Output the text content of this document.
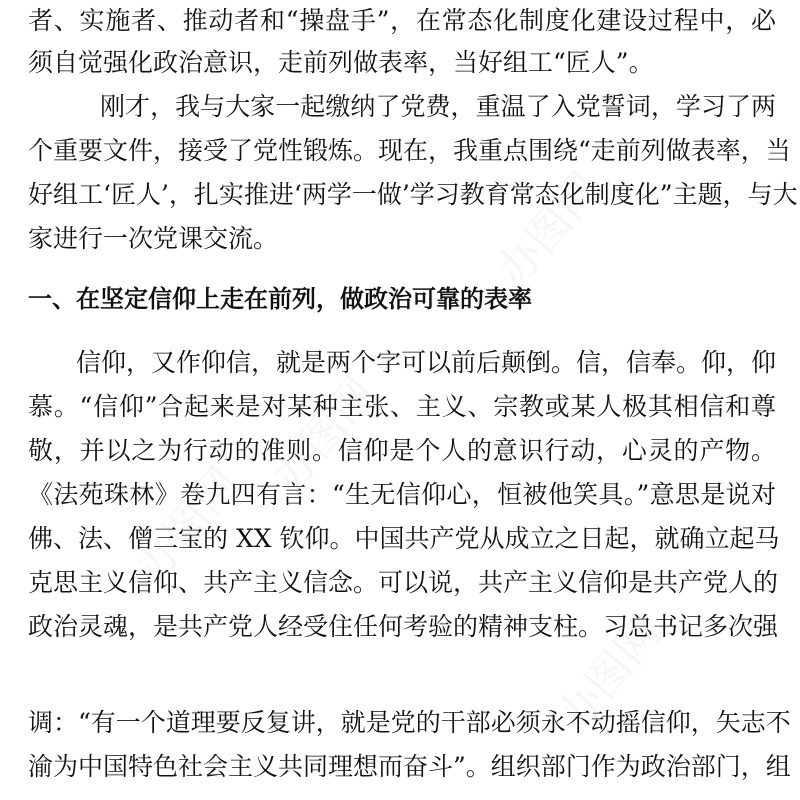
办图网
办图网
办图网
办图网
者、实施者、推动者和“操盘手”，在常态化制度化建设过程中，必
须自觉强化政治意识，走前列做表率，当好组工“匠人”。
刚才，我与大家一起缴纳了党费，重温了入党誓词，学习了两
个重要文件，接受了党性锻炼。现在，我重点围绕“走前列做表率，当
好组工‘匠人’，扎实推进‘两学一做’学习教育常态化制度化”主题，与大
家进行一次党课交流。
一、在坚定信仰上走在前列，做政治可靠的表率
信仰，又作仰信，就是两个字可以前后颠倒。信，信奉。仰，仰
慕。“信仰”合起来是对某种主张、主义、宗教或某人极其相信和尊
敬，并以之为行动的准则。信仰是个人的意识行动，心灵的产物。
《法苑珠林》卷九四有言：“生无信仰心，恒被他笑具。”意思是说对
佛、法、僧三宝的 XX 钦仰。中国共产党从成立之日起，就确立起马
克思主义信仰、共产主义信念。可以说，共产主义信仰是共产党人的
政治灵魂，是共产党人经受住任何考验的精神支柱。习总书记多次强
调：“有一个道理要反复讲，就是党的干部必须永不动摇信仰，矢志不
渝为中国特色社会主义共同理想而奋斗”。组织部门作为政治部门，组
